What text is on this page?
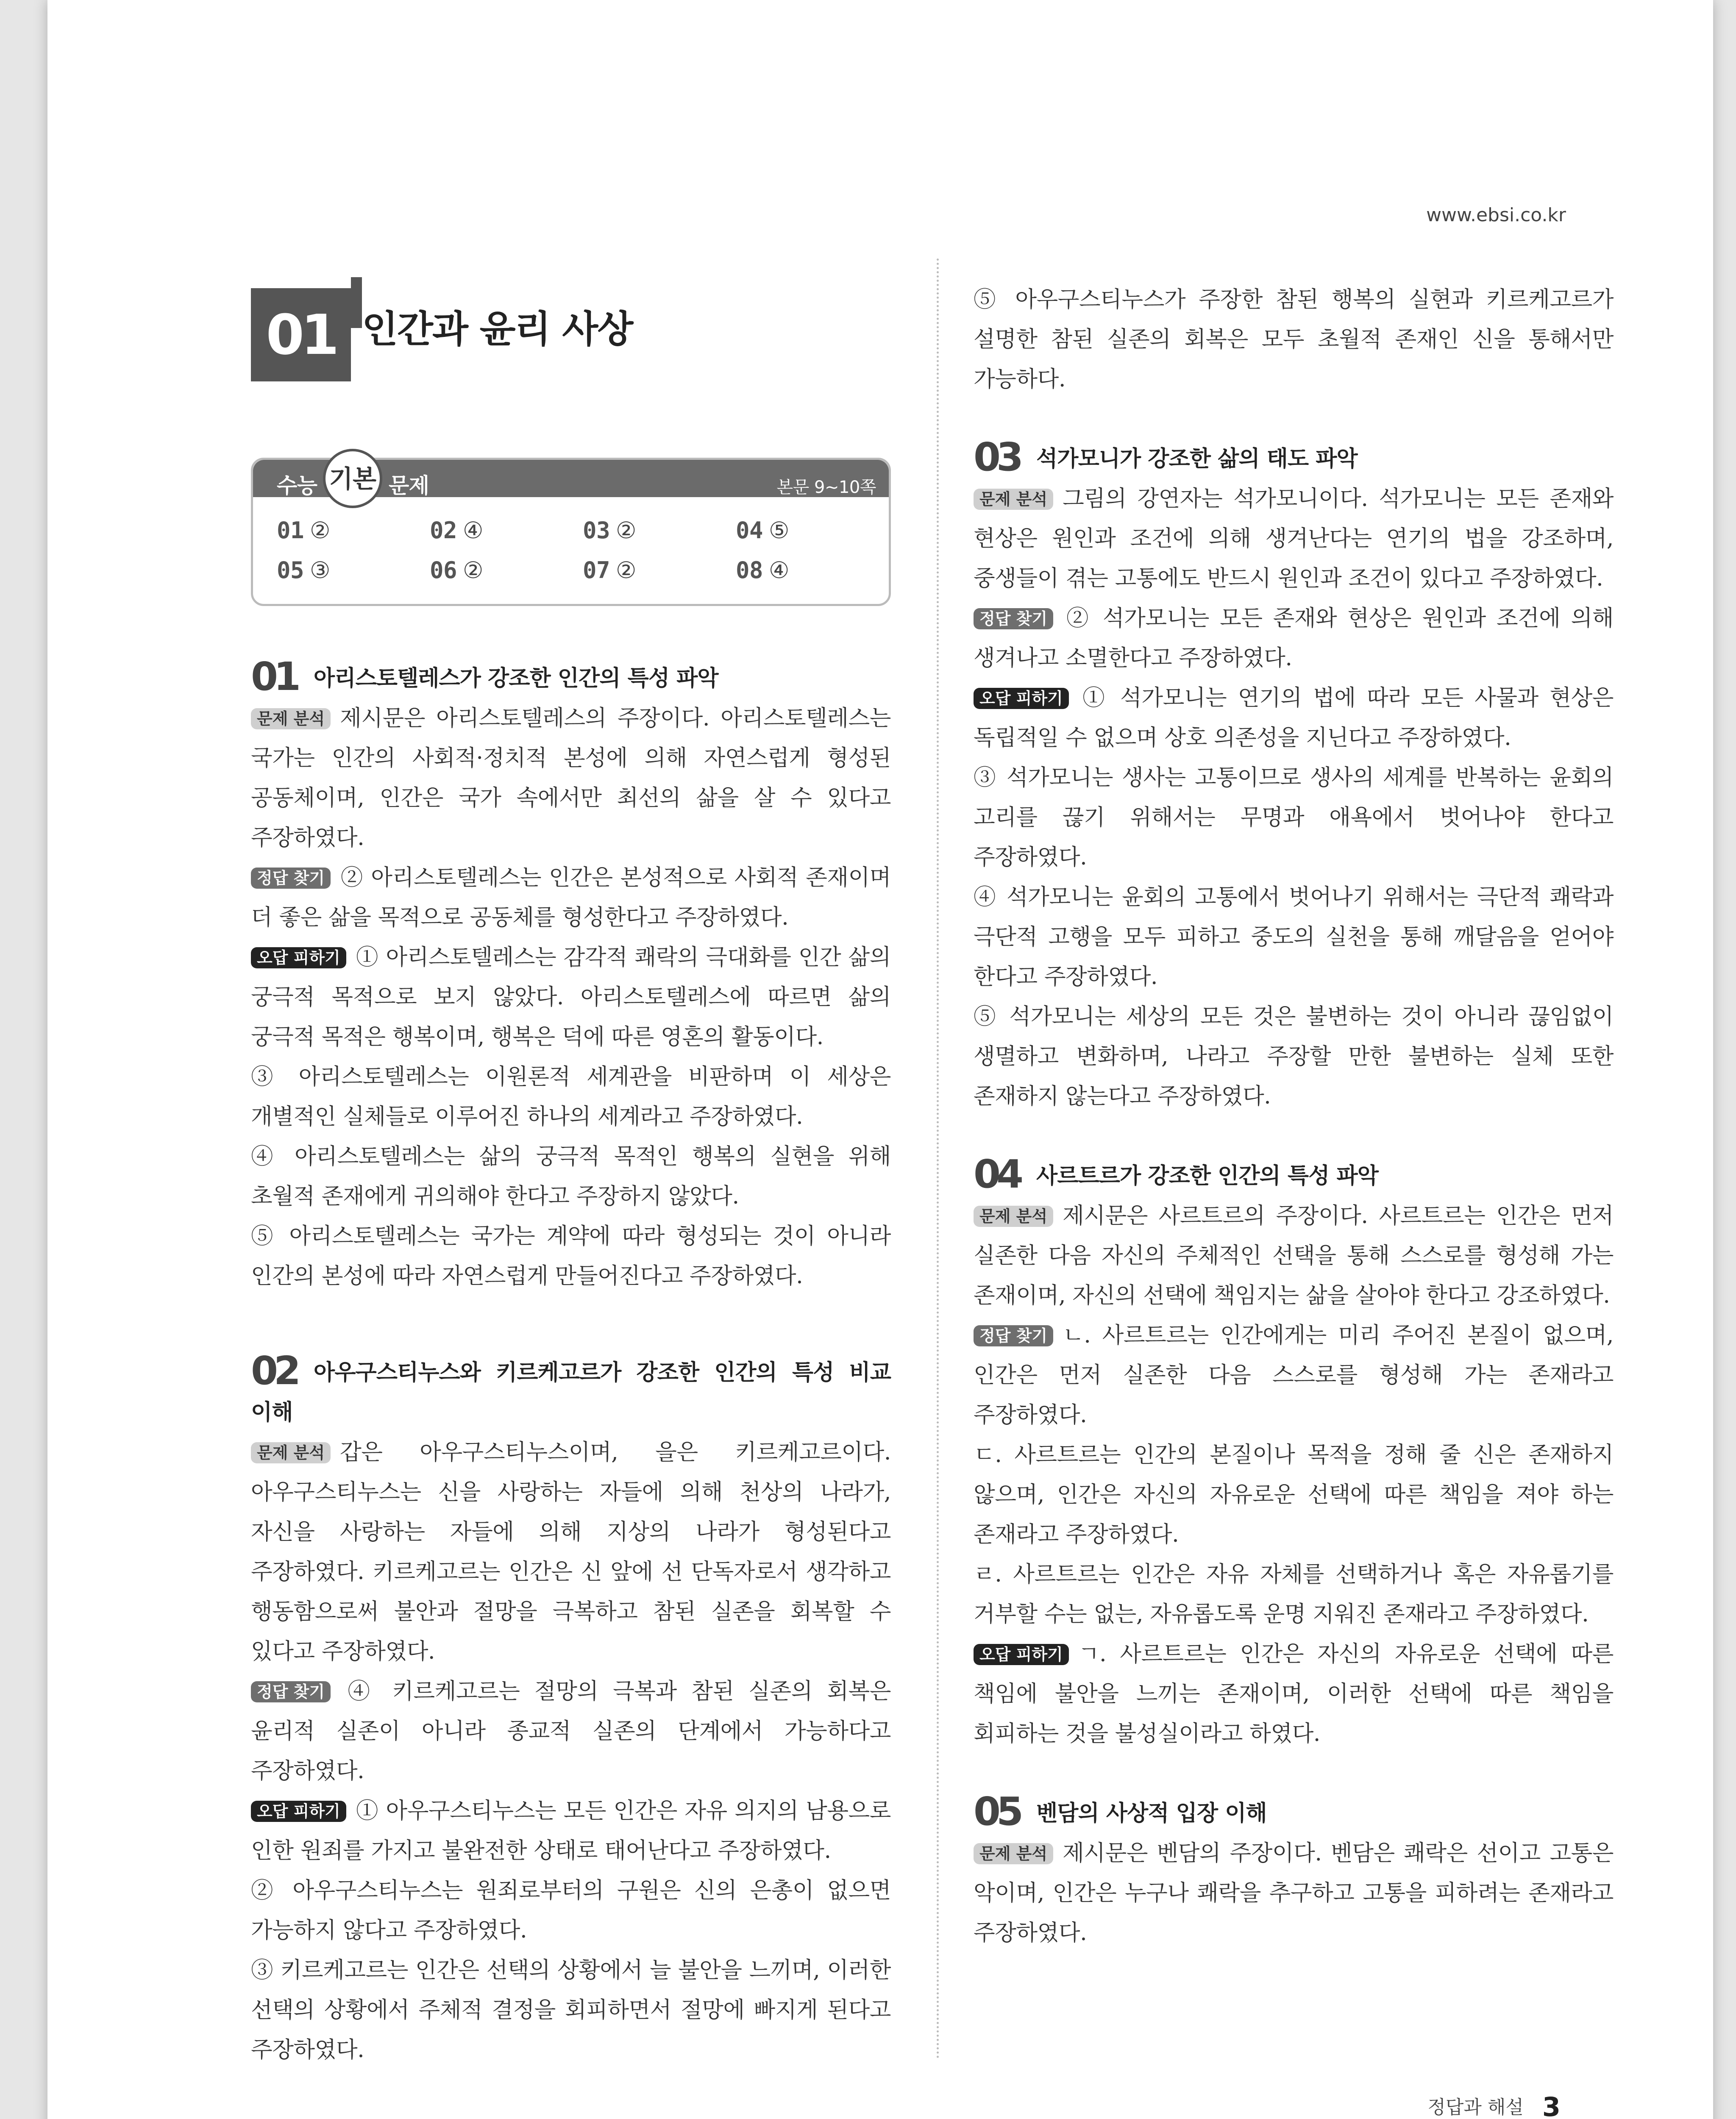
www.ebsi.co.kr
01 인간과 윤리 사상
수능 기본 문제	본문 9~10쪽
01 ②	02 ④	03 ②	04 ⑤
05 ③	06 ②	07 ②	08 ④
01 아리스토텔레스가 강조한 인간의 특성 파악

문제 분석 제시문은 아리스토텔레스의 주장이다. 아리스토텔레스는 국가는 인간의 사회적·정치적 본성에 의해 자연스럽게 형성된 공동체이며, 인간은 국가 속에서만 최선의 삶을 살 수 있다고 주장하였다.

정답 찾기 ② 아리스토텔레스는 인간은 본성적으로 사회적 존재이며 더 좋은 삶을 목적으로 공동체를 형성한다고 주장하였다.

오답 피하기 ① 아리스토텔레스는 감각적 쾌락의 극대화를 인간 삶의 궁극적 목적으로 보지 않았다. 아리스토텔레스에 따르면 삶의 궁극적 목적은 행복이며, 행복은 덕에 따른 영혼의 활동이다.

③ 아리스토텔레스는 이원론적 세계관을 비판하며 이 세상은 개별적인 실체들로 이루어진 하나의 세계라고 주장하였다.

④ 아리스토텔레스는 삶의 궁극적 목적인 행복의 실현을 위해 초월적 존재에게 귀의해야 한다고 주장하지 않았다.

⑤ 아리스토텔레스는 국가는 계약에 따라 형성되는 것이 아니라 인간의 본성에 따라 자연스럽게 만들어진다고 주장하였다.

02 아우구스티누스와 키르케고르가 강조한 인간의 특성 비교 이해

문제 분석 갑은 아우구스티누스이며, 을은 키르케고르이다. 아우구스티누스는 신을 사랑하는 자들에 의해 천상의 나라가, 자신을 사랑하는 자들에 의해 지상의 나라가 형성된다고 주장하였다. 키르케고르는 인간은 신 앞에 선 단독자로서 생각하고 행동함으로써 불안과 절망을 극복하고 참된 실존을 회복할 수 있다고 주장하였다.

정답 찾기 ④ 키르케고르는 절망의 극복과 참된 실존의 회복은 윤리적 실존이 아니라 종교적 실존의 단계에서 가능하다고 주장하였다.

오답 피하기 ① 아우구스티누스는 모든 인간은 자유 의지의 남용으로 인한 원죄를 가지고 불완전한 상태로 태어난다고 주장하였다.

② 아우구스티누스는 원죄로부터의 구원은 신의 은총이 없으면 가능하지 않다고 주장하였다.

③ 키르케고르는 인간은 선택의 상황에서 늘 불안을 느끼며, 이러한 선택의 상황에서 주체적 결정을 회피하면서 절망에 빠지게 된다고 주장하였다.

⑤ 아우구스티누스가 주장한 참된 행복의 실현과 키르케고르가 설명한 참된 실존의 회복은 모두 초월적 존재인 신을 통해서만 가능하다.

03 석가모니가 강조한 삶의 태도 파악

문제 분석 그림의 강연자는 석가모니이다. 석가모니는 모든 존재와 현상은 원인과 조건에 의해 생겨난다는 연기의 법을 강조하며, 중생들이 겪는 고통에도 반드시 원인과 조건이 있다고 주장하였다.

정답 찾기 ② 석가모니는 모든 존재와 현상은 원인과 조건에 의해 생겨나고 소멸한다고 주장하였다.

오답 피하기 ① 석가모니는 연기의 법에 따라 모든 사물과 현상은 독립적일 수 없으며 상호 의존성을 지닌다고 주장하였다.

③ 석가모니는 생사는 고통이므로 생사의 세계를 반복하는 윤회의 고리를 끊기 위해서는 무명과 애욕에서 벗어나야 한다고 주장하였다.

④ 석가모니는 윤회의 고통에서 벗어나기 위해서는 극단적 쾌락과 극단적 고행을 모두 피하고 중도의 실천을 통해 깨달음을 얻어야 한다고 주장하였다.

⑤ 석가모니는 세상의 모든 것은 불변하는 것이 아니라 끊임없이 생멸하고 변화하며, 나라고 주장할 만한 불변하는 실체 또한 존재하지 않는다고 주장하였다.

04 사르트르가 강조한 인간의 특성 파악

문제 분석 제시문은 사르트르의 주장이다. 사르트르는 인간은 먼저 실존한 다음 자신의 주체적인 선택을 통해 스스로를 형성해 가는 존재이며, 자신의 선택에 책임지는 삶을 살아야 한다고 강조하였다.

정답 찾기 ㄴ. 사르트르는 인간에게는 미리 주어진 본질이 없으며, 인간은 먼저 실존한 다음 스스로를 형성해 가는 존재라고 주장하였다.

ㄷ. 사르트르는 인간의 본질이나 목적을 정해 줄 신은 존재하지 않으며, 인간은 자신의 자유로운 선택에 따른 책임을 져야 하는 존재라고 주장하였다.

ㄹ. 사르트르는 인간은 자유 자체를 선택하거나 혹은 자유롭기를 거부할 수는 없는, 자유롭도록 운명 지워진 존재라고 주장하였다.

오답 피하기 ㄱ. 사르트르는 인간은 자신의 자유로운 선택에 따른 책임에 불안을 느끼는 존재이며, 이러한 선택에 따른 책임을 회피하는 것을 불성실이라고 하였다.

05 벤담의 사상적 입장 이해

문제 분석 제시문은 벤담의 주장이다. 벤담은 쾌락은 선이고 고통은 악이며, 인간은 누구나 쾌락을 추구하고 고통을 피하려는 존재라고 주장하였다.

정답과 해설 3
